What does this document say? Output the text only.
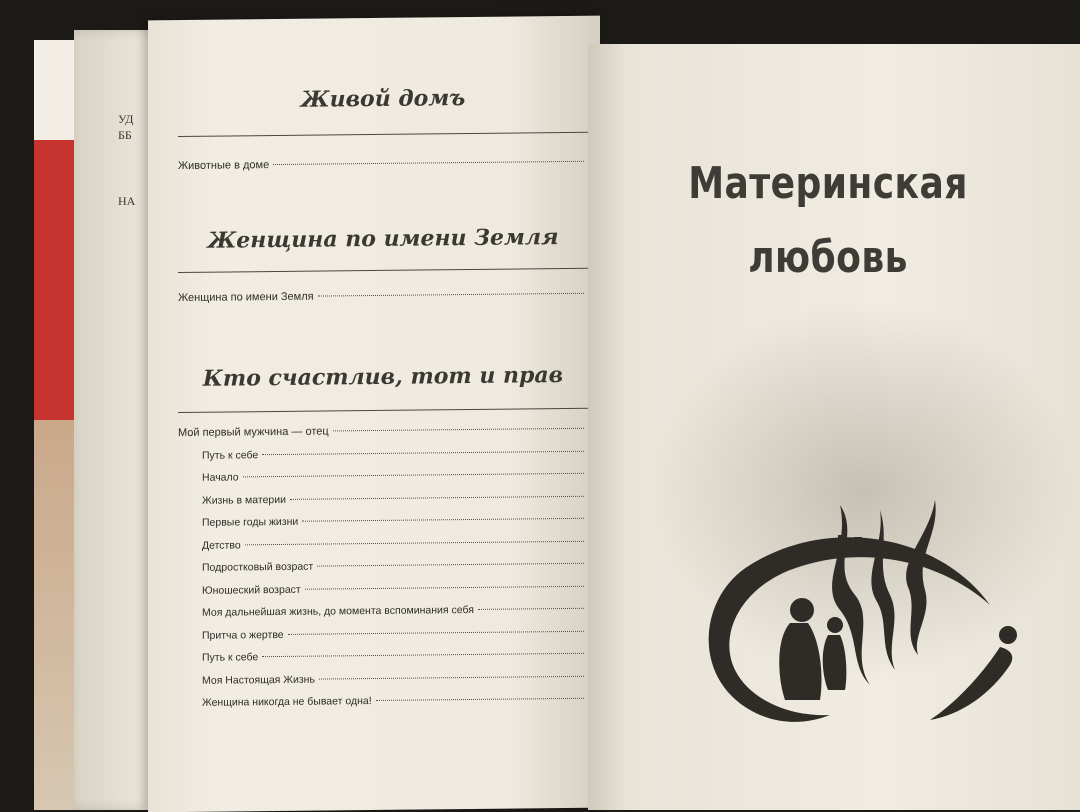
УД
ББ
НА
Живой домъ
Животные в доме
Женщина по имени Земля
Женщина по имени Земля
Кто счастлив, тот и прав
Мой первый мужчина — отец
Путь к себе
Начало
Жизнь в материи
Первые годы жизни
Детство
Подростковый возраст
Юношеский возраст
Моя дальнейшая жизнь, до момента вспоминания себя
Притча о жертве
Путь к себе
Моя Настоящая Жизнь
Женщина никогда не бывает одна!
Материнская
любовь
